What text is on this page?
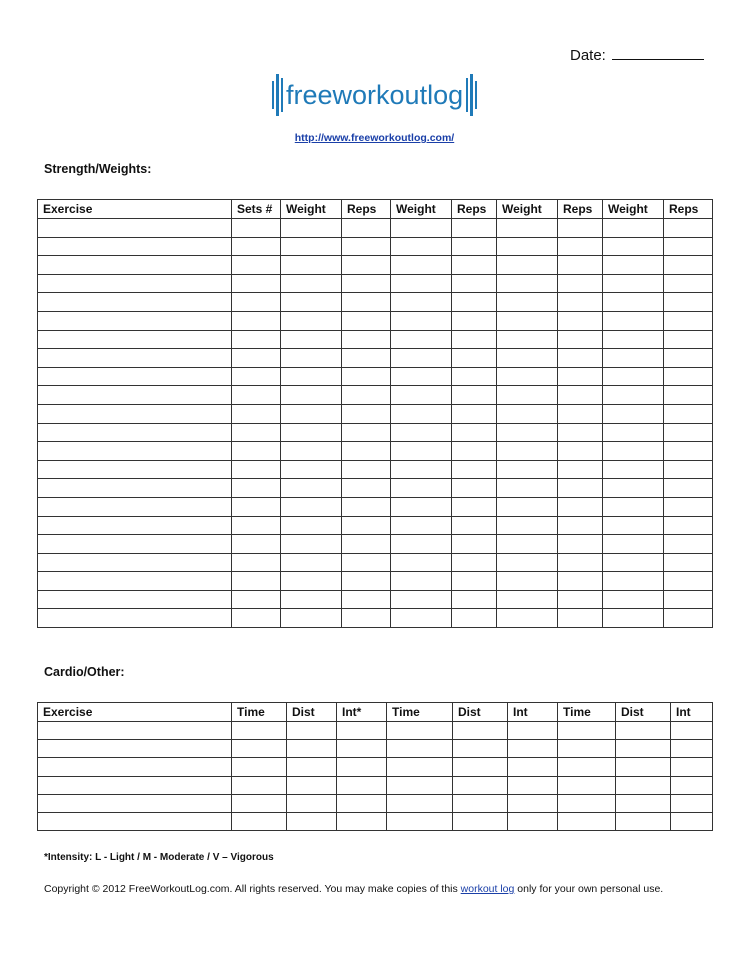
Date:
freeworkoutlog
http://www.freeworkoutlog.com/
Strength/Weights:
Exercise	Sets #	Weight	Reps	Weight	Reps	Weight	Reps	Weight	Reps

Cardio/Other:
Exercise	Time	Dist	Int*	Time	Dist	Int	Time	Dist	Int

*Intensity: L - Light / M - Moderate / V – Vigorous
Copyright © 2012 FreeWorkoutLog.com. All rights reserved. You may make copies of this workout log only for your own personal use.
